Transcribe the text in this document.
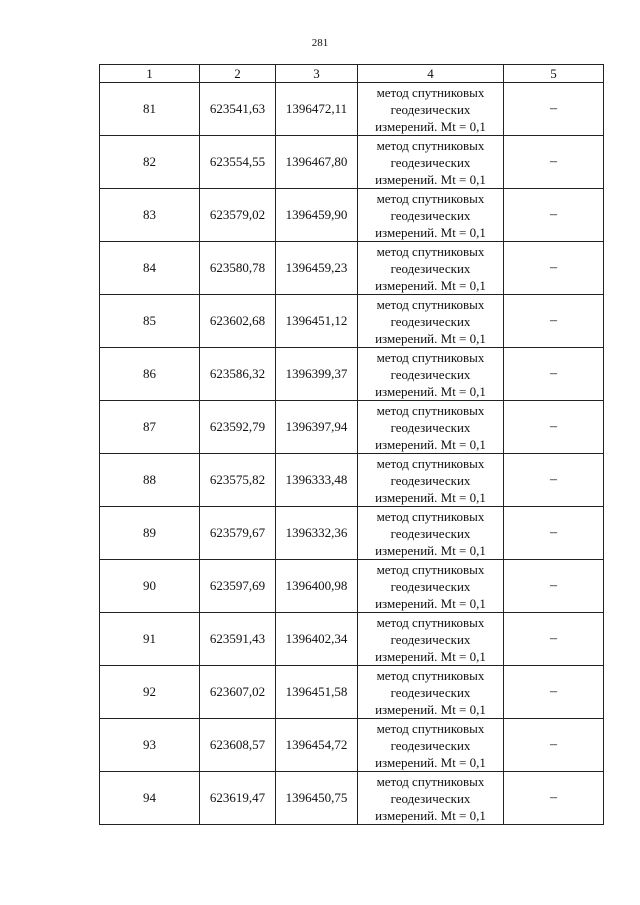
281
1	2	3	4	5
81	623541,63	1396472,11	метод спутниковых
геодезических
измерений. Mt = 0,1	–
82	623554,55	1396467,80	метод спутниковых
геодезических
измерений. Mt = 0,1	–
83	623579,02	1396459,90	метод спутниковых
геодезических
измерений. Mt = 0,1	–
84	623580,78	1396459,23	метод спутниковых
геодезических
измерений. Mt = 0,1	–
85	623602,68	1396451,12	метод спутниковых
геодезических
измерений. Mt = 0,1	–
86	623586,32	1396399,37	метод спутниковых
геодезических
измерений. Mt = 0,1	–
87	623592,79	1396397,94	метод спутниковых
геодезических
измерений. Mt = 0,1	–
88	623575,82	1396333,48	метод спутниковых
геодезических
измерений. Mt = 0,1	–
89	623579,67	1396332,36	метод спутниковых
геодезических
измерений. Mt = 0,1	–
90	623597,69	1396400,98	метод спутниковых
геодезических
измерений. Mt = 0,1	–
91	623591,43	1396402,34	метод спутниковых
геодезических
измерений. Mt = 0,1	–
92	623607,02	1396451,58	метод спутниковых
геодезических
измерений. Mt = 0,1	–
93	623608,57	1396454,72	метод спутниковых
геодезических
измерений. Mt = 0,1	–
94	623619,47	1396450,75	метод спутниковых
геодезических
измерений. Mt = 0,1	–
